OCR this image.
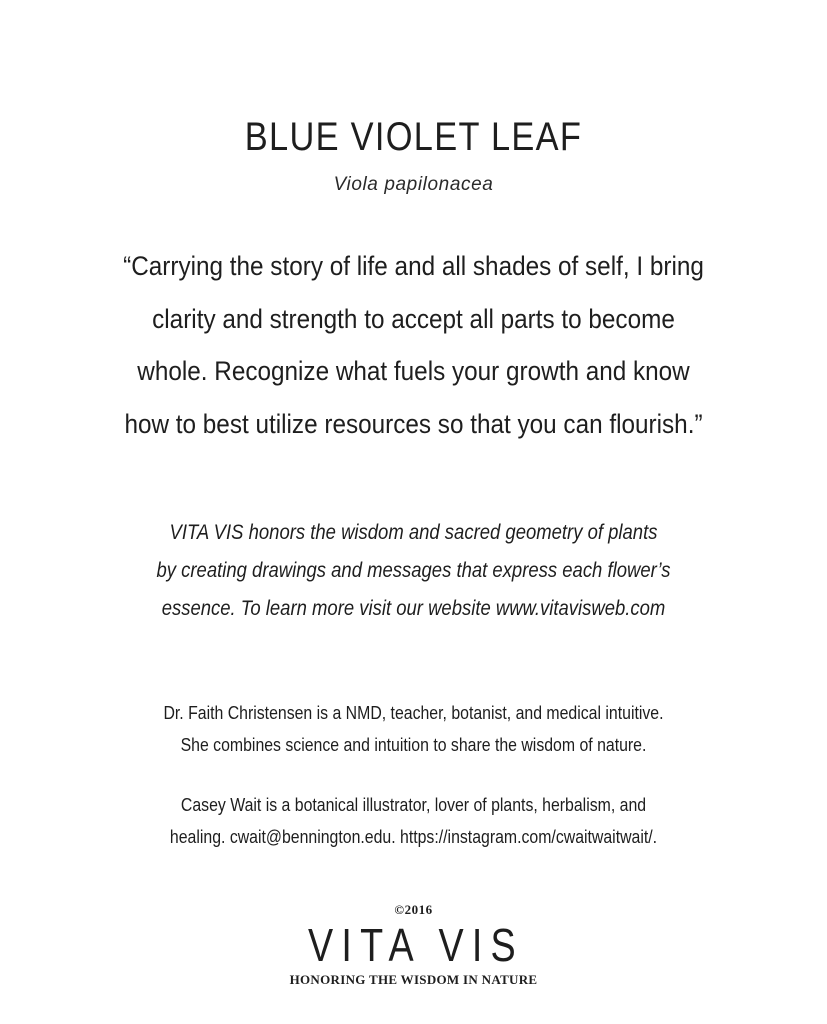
BLUE VIOLET LEAF
Viola papilonacea
“Carrying the story of life and all shades of self, I bring
clarity and strength to accept all parts to become
whole. Recognize what fuels your growth and know
how to best utilize resources so that you can flourish.”
VITA VIS honors the wisdom and sacred geometry of plants
by creating drawings and messages that express each flower’s
essence. To learn more visit our website www.vitavisweb.com
Dr. Faith Christensen is a NMD, teacher, botanist, and medical intuitive.
She combines science and intuition to share the wisdom of nature.
Casey Wait is a botanical illustrator, lover of plants, herbalism, and
healing. cwait@bennington.edu. https://instagram.com/cwaitwaitwait/.
©2016
VITA VIS
HONORING THE WISDOM IN NATURE
